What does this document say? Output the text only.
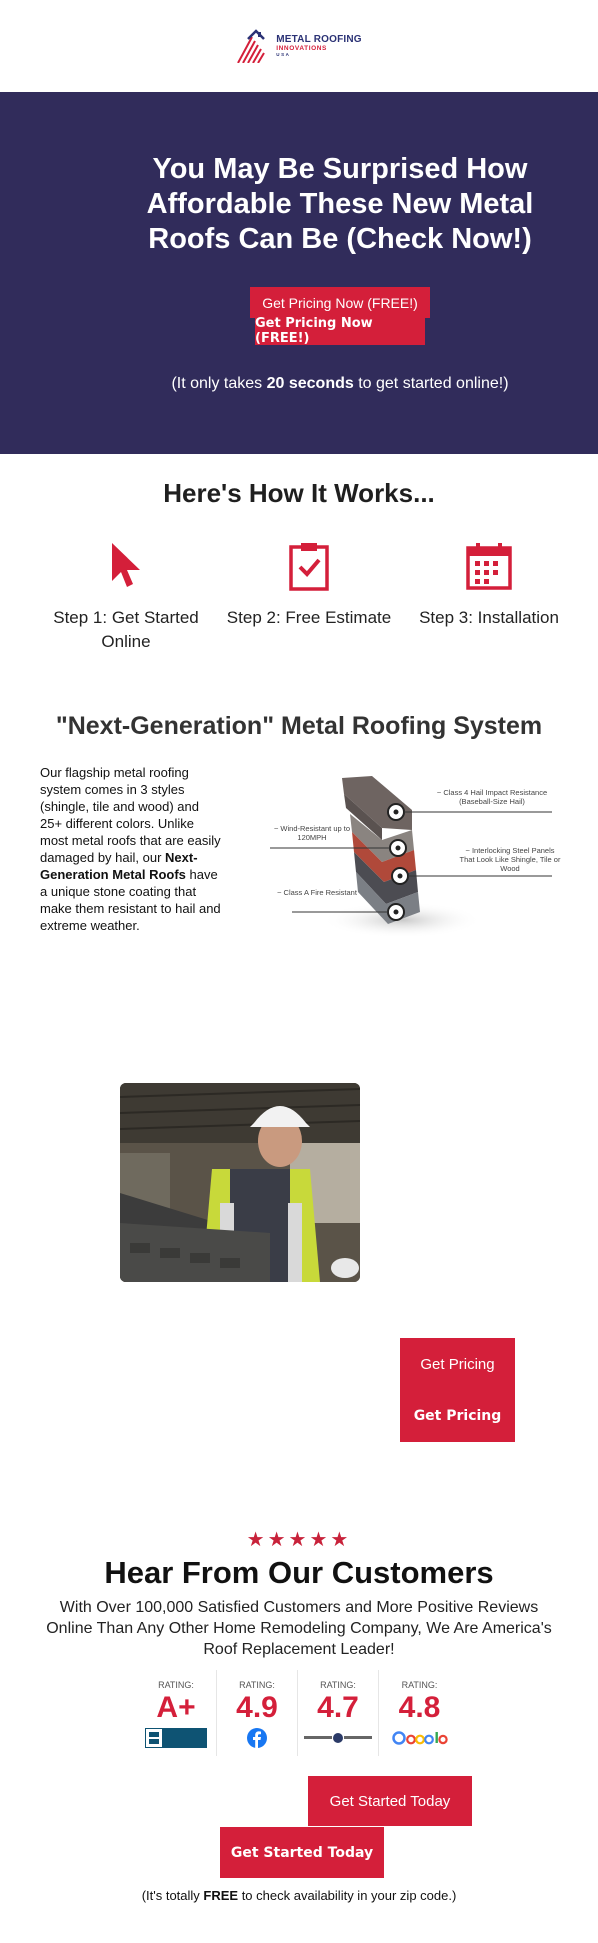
METAL ROOFING
INNOVATIONS
USA
You May Be Surprised How Affordable These New Metal Roofs Can Be (Check Now!)
Get Pricing Now (FREE!)
Get Pricing Now (FREE!)

(It only takes 20 seconds to get started online!)

Here's How It Works...
Step 1: Get Started Online
Step 2: Free Estimate	Step 3: Installation
"Next-Generation" Metal Roofing System

Our flagship metal roofing system comes in 3 styles (shingle, tile and wood) and 25+ different colors. Unlike most metal roofs that are easily damaged by hail, our Next-Generation Metal Roofs have a unique stone coating that make them resistant to hail and extreme weather.

~ Class 4 Hail Impact Resistance (Baseball-Size Hail)
~ Wind-Resistant up to 120MPH
~ Interlocking Steel Panels That Look Like Shingle, Tile or Wood
~ Class A Fire Resistant
Get Pricing
Get Pricing
★★★★★
Hear From Our Customers

With Over 100,000 Satisfied Customers and More Positive Reviews Online Than Any Other Home Remodeling Company, We Are America's Roof Replacement Leader!

RATING:
A+
RATING:
4.9
RATING:
4.7
RATING:
4.8
Get Started Today
Get Started Today

(It's totally FREE to check availability in your zip code.)
